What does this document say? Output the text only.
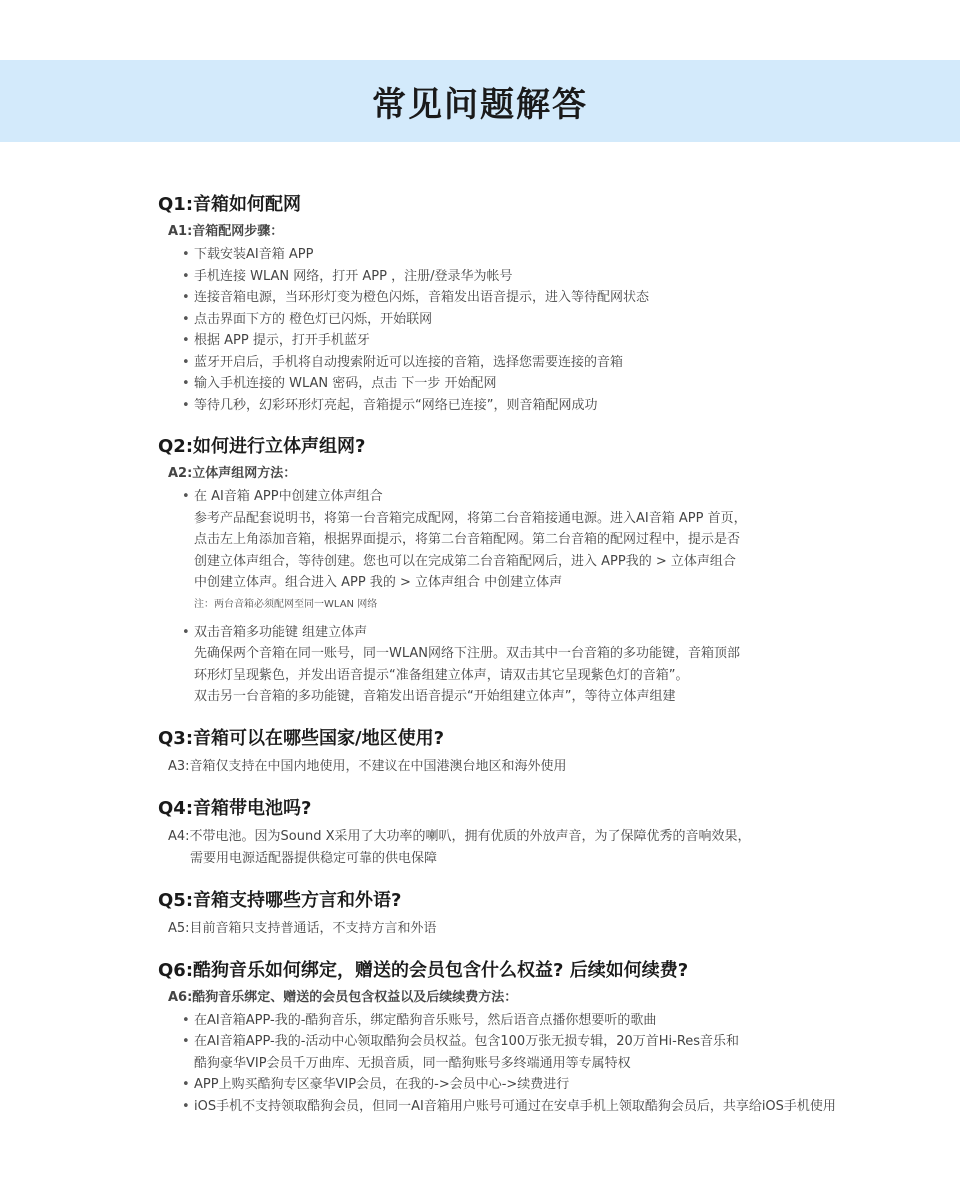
常见问题解答

Q1:音箱如何配网

A1:音箱配网步骤：
• 下载安装AI音箱 APP
• 手机连接 WLAN 网络，打开 APP ，注册/登录华为帐号
• 连接音箱电源，当环形灯变为橙色闪烁，音箱发出语音提示，进入等待配网状态
• 点击界面下方的 橙色灯已闪烁，开始联网
• 根据 APP 提示，打开手机蓝牙
• 蓝牙开启后，手机将自动搜索附近可以连接的音箱，选择您需要连接的音箱
• 输入手机连接的 WLAN 密码，点击 下一步 开始配网
• 等待几秒，幻彩环形灯亮起，音箱提示“网络已连接”，则音箱配网成功

Q2:如何进行立体声组网?

A2:立体声组网方法：
• 在 AI音箱 APP中创建立体声组合
参考产品配套说明书，将第一台音箱完成配网，将第二台音箱接通电源。进入AI音箱 APP 首页，
点击左上角添加音箱，根据界面提示，将第二台音箱配网。第二台音箱的配网过程中，提示是否
创建立体声组合，等待创建。您也可以在完成第二台音箱配网后，进入 APP我的 > 立体声组合
中创建立体声。组合进入 APP 我的 > 立体声组合 中创建立体声
注：两台音箱必须配网至同一WLAN 网络
• 双击音箱多功能键 组建立体声
先确保两个音箱在同一账号，同一WLAN网络下注册。双击其中一台音箱的多功能键，音箱顶部
环形灯呈现紫色，并发出语音提示“准备组建立体声，请双击其它呈现紫色灯的音箱”。
双击另一台音箱的多功能键，音箱发出语音提示“开始组建立体声”，等待立体声组建

Q3:音箱可以在哪些国家/地区使用?

A3:音箱仅支持在中国内地使用，不建议在中国港澳台地区和海外使用

Q4:音箱带电池吗?

A4:不带电池。因为Sound X采用了大功率的喇叭，拥有优质的外放声音，为了保障优秀的音响效果，
需要用电源适配器提供稳定可靠的供电保障

Q5:音箱支持哪些方言和外语?

A5:目前音箱只支持普通话，不支持方言和外语

Q6:酷狗音乐如何绑定，赠送的会员包含什么权益? 后续如何续费?

A6:酷狗音乐绑定、赠送的会员包含权益以及后续续费方法：
• 在AI音箱APP-我的-酷狗音乐，绑定酷狗音乐账号，然后语音点播你想要听的歌曲
• 在AI音箱APP-我的-活动中心领取酷狗会员权益。包含100万张无损专辑，20万首Hi-Res音乐和
酷狗豪华VIP会员千万曲库、无损音质，同一酷狗账号多终端通用等专属特权
• APP上购买酷狗专区豪华VIP会员，在我的->会员中心->续费进行
• iOS手机不支持领取酷狗会员，但同一AI音箱用户账号可通过在安卓手机上领取酷狗会员后，共享给iOS手机使用
